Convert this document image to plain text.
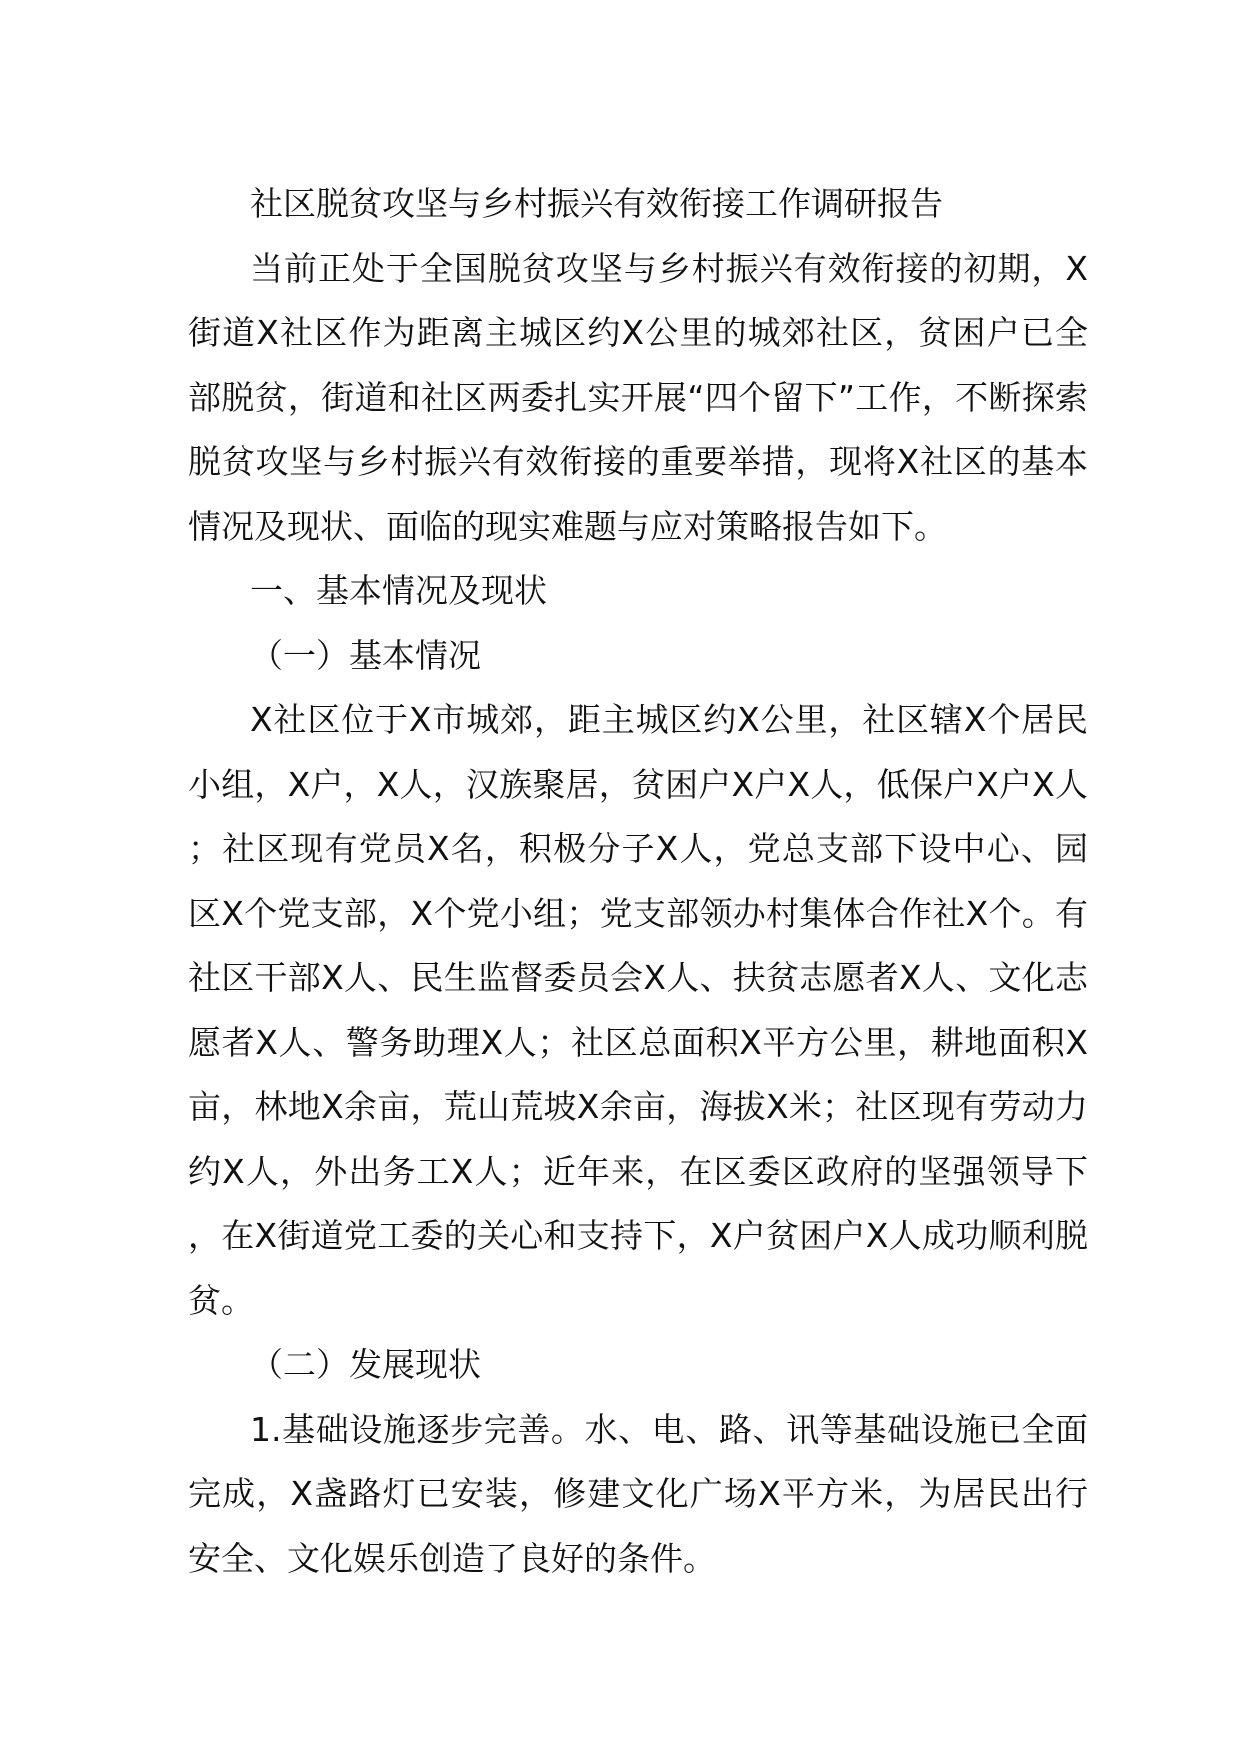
社区脱贫攻坚与乡村振兴有效衔接工作调研报告

当前正处于全国脱贫攻坚与乡村振兴有效衔接的初期，X街道X社区作为距离主城区约X公里的城郊社区，贫困户已全部脱贫，街道和社区两委扎实开展“四个留下”工作，不断探索脱贫攻坚与乡村振兴有效衔接的重要举措，现将X社区的基本情况及现状、面临的现实难题与应对策略报告如下。

一、基本情况及现状

（一）基本情况

X社区位于X市城郊，距主城区约X公里，社区辖X个居民小组，X户，X人，汉族聚居，贫困户X户X人，低保户X户X人；社区现有党员X名，积极分子X人，党总支部下设中心、园区X个党支部，X个党小组；党支部领办村集体合作社X个。有社区干部X人、民生监督委员会X人、扶贫志愿者X人、文化志愿者X人、警务助理X人；社区总面积X平方公里，耕地面积X亩，林地X余亩，荒山荒坡X余亩，海拔X米；社区现有劳动力约X人，外出务工X人；近年来，在区委区政府的坚强领导下，在X街道党工委的关心和支持下，X户贫困户X人成功顺利脱贫。

（二）发展现状

1.基础设施逐步完善。水、电、路、讯等基础设施已全面完成，X盏路灯已安装，修建文化广场X平方米，为居民出行安全、文化娱乐创造了良好的条件。
